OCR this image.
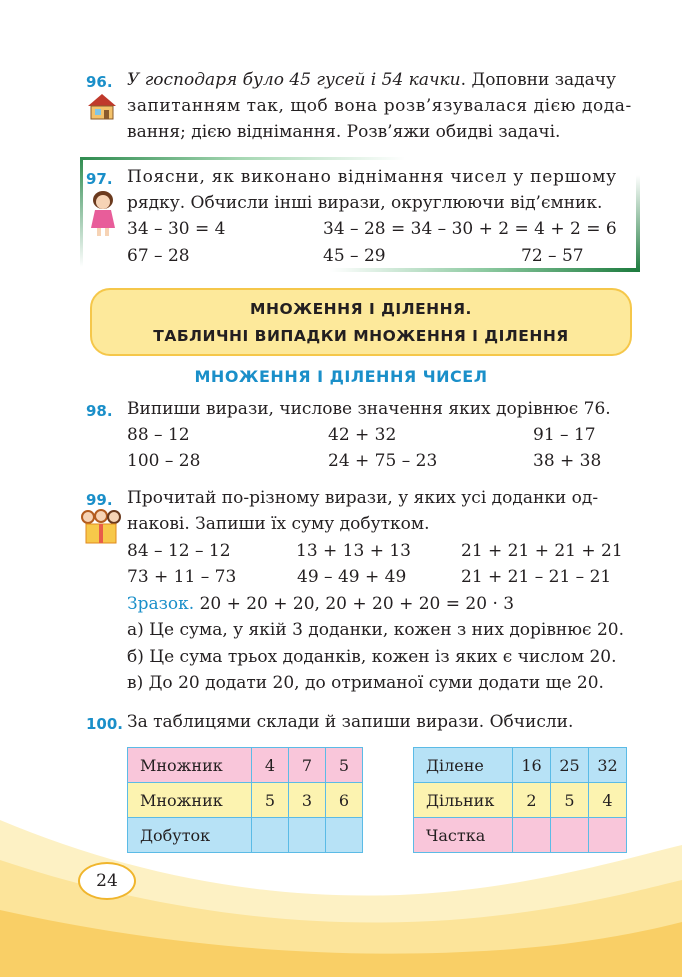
96. У господаря було 45 гусей і 54 качки. Доповни задачу
запитанням так, щоб вона розв’язувалася дією дода-
вання; дією віднімання. Розв’яжи обидві задачі.
97. Поясни, як виконано віднімання чисел у першому
рядку. Обчисли інші вирази, округлюючи від’ємник.
34 – 30 = 4	34 – 28 = 34 – 30 + 2 = 4 + 2 = 6
67 – 28	45 – 29	72 – 57
МНОЖЕННЯ І ДІЛЕННЯ.
ТАБЛИЧНІ ВИПАДКИ МНОЖЕННЯ І ДІЛЕННЯ
МНОЖЕННЯ І ДІЛЕННЯ ЧИСЕЛ
98. Випиши вирази, числове значення яких дорівнює 76.
88 – 12	42 + 32	91 – 17
100 – 28	24 + 75 – 23	38 + 38
99. Прочитай по-різному вирази, у яких усі доданки од-
накові. Запиши їх суму добутком.
84 – 12 – 12	13 + 13 + 13	21 + 21 + 21 + 21
73 + 11 – 73	49 – 49 + 49	21 + 21 – 21 – 21
Зразок. 20 + 20 + 20, 20 + 20 + 20 = 20 · 3
а) Це сума, у якій 3 доданки, кожен з них дорівнює 20.
б) Це сума трьох доданків, кожен із яких є числом 20.
в) До 20 додати 20, до отриманої суми додати ще 20.
100. За таблицями склади й запиши вирази. Обчисли.
Множник	4	7	5
Множник	5	3	6
Добуток			
Ділене	16	25	32
Дільник	2	5	4
Частка			
24
